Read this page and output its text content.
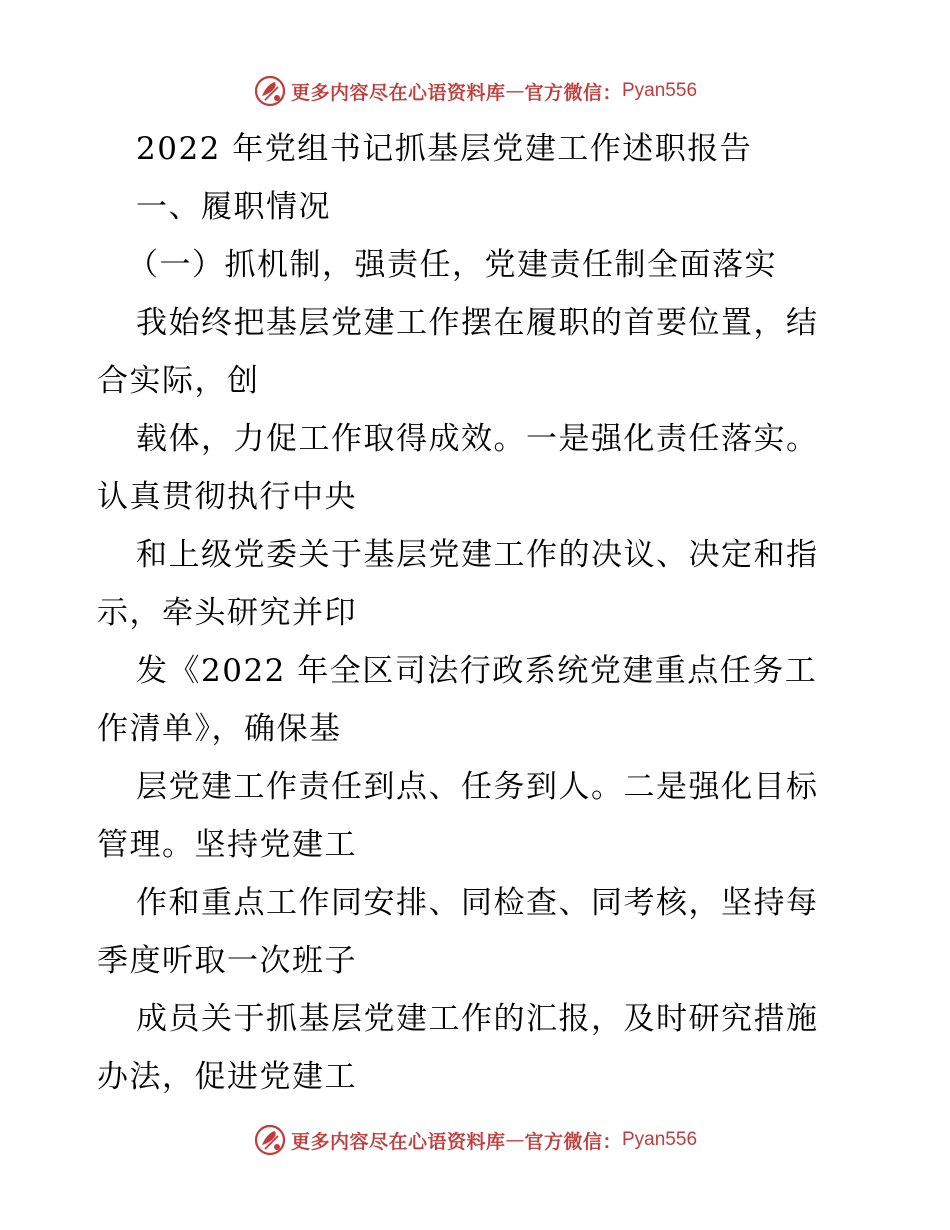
更多内容尽在心语资料库 — 官方微信： Pyan556
2022 年党组书记抓基层党建工作述职报告
一、履职情况
（一）抓机制，强责任，党建责任制全面落实
我始终把基层党建工作摆在履职的首要位置，结
合实际，创
载体，力促工作取得成效。一是强化责任落实。
认真贯彻执行中央
和上级党委关于基层党建工作的决议、决定和指
示，牵头研究并印
发《2022 年全区司法行政系统党建重点任务工
作清单》，确保基
层党建工作责任到点、任务到人。二是强化目标
管理。坚持党建工
作和重点工作同安排、同检查、同考核，坚持每
季度听取一次班子
成员关于抓基层党建工作的汇报，及时研究措施
办法，促进党建工
更多内容尽在心语资料库 — 官方微信： Pyan556
